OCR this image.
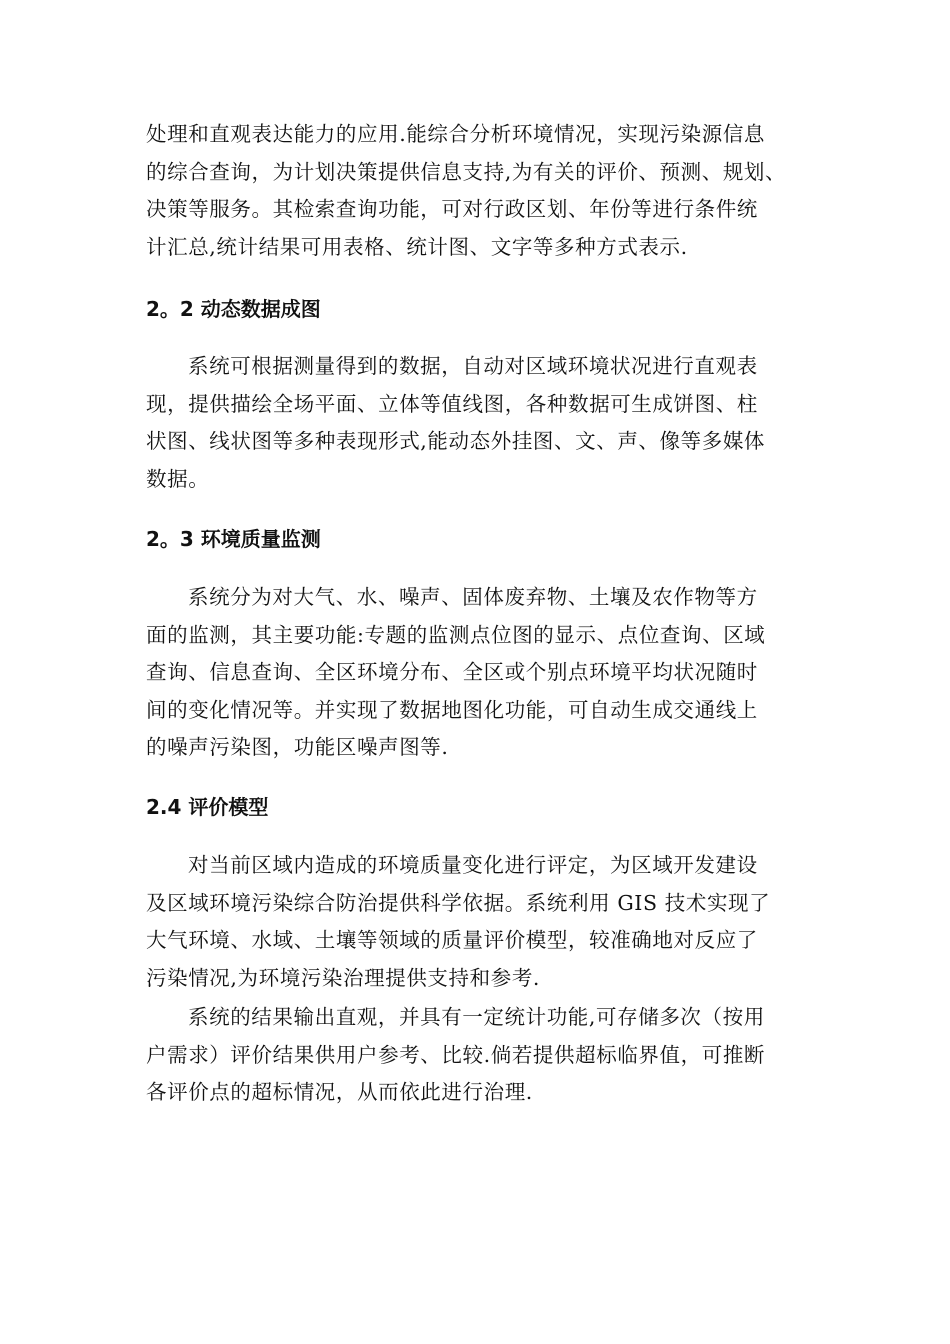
处理和直观表达能力的应用.能综合分析环境情况，实现污染源信息
的综合查询，为计划决策提供信息支持,为有关的评价、预测、规划、
决策等服务。其检索查询功能，可对行政区划、年份等进行条件统
计汇总,统计结果可用表格、统计图、文字等多种方式表示.
2。2 动态数据成图
系统可根据测量得到的数据，自动对区域环境状况进行直观表
现，提供描绘全场平面、立体等值线图，各种数据可生成饼图、柱
状图、线状图等多种表现形式,能动态外挂图、文、声、像等多媒体
数据。
2。3 环境质量监测
系统分为对大气、水、噪声、固体废弃物、土壤及农作物等方
面的监测，其主要功能:专题的监测点位图的显示、点位查询、区域
查询、信息查询、全区环境分布、全区或个别点环境平均状况随时
间的变化情况等。并实现了数据地图化功能，可自动生成交通线上
的噪声污染图，功能区噪声图等.
2.4 评价模型
对当前区域内造成的环境质量变化进行评定，为区域开发建设
及区域环境污染综合防治提供科学依据。系统利用 GIS 技术实现了
大气环境、水域、土壤等领域的质量评价模型，较准确地对反应了
污染情况,为环境污染治理提供支持和参考.
系统的结果输出直观，并具有一定统计功能,可存储多次（按用
户需求）评价结果供用户参考、比较.倘若提供超标临界值，可推断
各评价点的超标情况，从而依此进行治理.
